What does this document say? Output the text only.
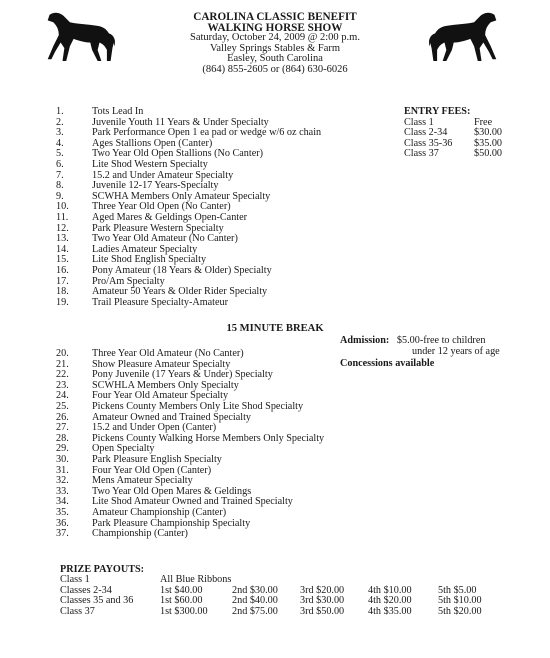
CAROLINA CLASSIC BENEFIT
WALKING HORSE SHOW
Saturday, October 24, 2009 @ 2:00 p.m.
Valley Springs Stables & Farm
Easley, South Carolina
(864) 855-2605 or (864) 630-6026
1.	Tots Lead In
2.	Juvenile Youth 11 Years & Under Specialty
3.	Park Performance Open 1 ea pad or wedge w/6 oz chain
4.	Ages Stallions Open (Canter)
5.	Two Year Old Open Stallions (No Canter)
6.	Lite Shod Western Specialty
7.	15.2 and Under Amateur Specialty
8.	Juvenile 12-17 Years-Specialty
9.	SCWHA Members Only Amateur Specialty
10.	Three Year Old Open (No Canter)
11.	Aged Mares & Geldings Open-Canter
12.	Park Pleasure Western Specialty
13.	Two Year Old Amateur (No Canter)
14.	Ladies Amateur Specialty
15.	Lite Shod English Specialty
16.	Pony Amateur (18 Years & Older) Specialty
17.	Pro/Am Specialty
18.	Amateur 50 Years & Older Rider Specialty
19.	Trail Pleasure Specialty-Amateur
15 MINUTE BREAK
20.	Three Year Old Amateur (No Canter)
21.	Show Pleasure Amateur Specialty
22.	Pony Juvenile (17 Years & Under) Specialty
23.	SCWHLA Members Only Specialty
24.	Four Year Old Amateur Specialty
25.	Pickens County Members Only Lite Shod Specialty
26.	Amateur Owned and Trained Specialty
27.	15.2 and Under Open (Canter)
28.	Pickens County Walking Horse Members Only Specialty
29.	Open Specialty
30.	Park Pleasure English Specialty
31.	Four Year Old Open (Canter)
32.	Mens Amateur Specialty
33.	Two Year Old Open Mares & Geldings
34.	Lite Shod Amateur Owned and Trained Specialty
35.	Amateur Championship (Canter)
36.	Park Pleasure Championship Specialty
37.	Championship (Canter)
ENTRY FEES:
Class 1	Free
Class 2-34	$30.00
Class 35-36 $35.00
Class 37	$50.00
Admission: $5.00-free to children
under 12 years of age
Concessions available
PRIZE PAYOUTS:
Class 1	All Blue Ribbons
Classes 2-34	1st $40.00	2nd $30.00 3rd $20.00 4th $10.00	5th $5.00
Classes 35 and 36	1st $60.00	2nd $40.00 3rd $30.00 4th $20.00	5th $10.00
Class 37	1st $300.00 2nd $75.00 3rd $50.00 4th $35.00	5th $20.00
